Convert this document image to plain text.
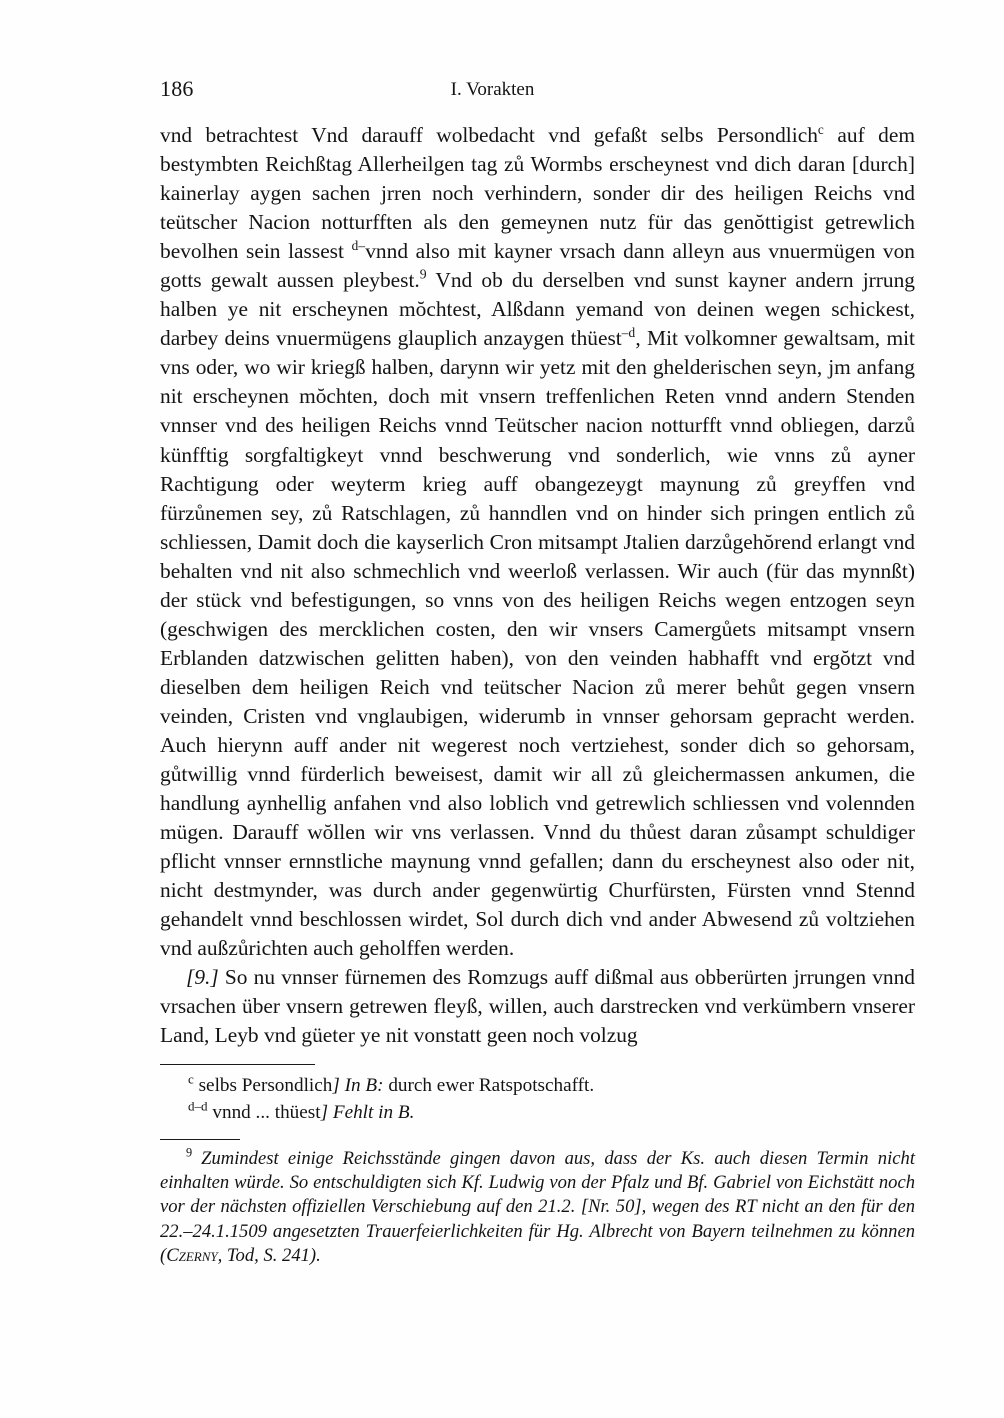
186	I. Vorakten

vnd betrachtest Vnd darauff wolbedacht vnd gefaßt selbs Persondlich$^c$ auf dem bestymbten Reichßtag Allerheilgen tag zů Wormbs erscheynest vnd dich daran [durch] kainerlay aygen sachen jrren noch verhindern, sonder dir des heiligen Reichs vnd teütscher Nacion notturfften als den gemeynen nutz für das genŏttigist getrewlich bevolhen sein lassest $^{d-}$vnnd also mit kayner vrsach dann alleyn aus vnuermügen von gotts gewalt aussen pleybest.$^9$ Vnd ob du derselben vnd sunst kayner andern jrrung halben ye nit erscheynen mŏchtest, Alßdann yemand von deinen wegen schickest, darbey deins vnuermügens glauplich anzaygen thüest$^{-d}$, Mit volkomner gewaltsam, mit vns oder, wo wir kriegß halben, darynn wir yetz mit den ghelderischen seyn, jm anfang nit erscheynen mŏchten, doch mit vnsern treffenlichen Reten vnnd andern Stenden vnnser vnd des heiligen Reichs vnnd Teütscher nacion notturfft vnnd obliegen, darzů künfftig sorgfaltigkeyt vnnd beschwerung vnd sonderlich, wie vnns zů ayner Rachtigung oder weyterm krieg auff obangezeygt maynung zů greyffen vnd fürzůnemen sey, zů Ratschlagen, zů hanndlen vnd on hinder sich pringen entlich zů schliessen, Damit doch die kayserlich Cron mitsampt Jtalien darzůgehŏrend erlangt vnd behalten vnd nit also schmechlich vnd weerloß verlassen. Wir auch (für das mynnßt) der stück vnd befestigungen, so vnns von des heiligen Reichs wegen entzogen seyn (geschwigen des mercklichen costen, den wir vnsers Camergůets mitsampt vnsern Erblanden datzwischen gelitten haben), von den veinden habhafft vnd ergŏtzt vnd dieselben dem heiligen Reich vnd teütscher Nacion zů merer behůt gegen vnsern veinden, Cristen vnd vnglaubigen, widerumb in vnnser gehorsam gepracht werden. Auch hierynn auff ander nit wegerest noch vertziehest, sonder dich so gehorsam, gůtwillig vnnd fürderlich beweisest, damit wir all zů gleichermassen ankumen, die handlung aynhellig anfahen vnd also loblich vnd getrewlich schliessen vnd volennden mügen. Darauff wŏllen wir vns verlassen. Vnnd du thůest daran zůsampt schuldiger pflicht vnnser ernnstliche maynung vnnd gefallen; dann du erscheynest also oder nit, nicht destmynder, was durch ander gegenwürtig Churfürsten, Fürsten vnnd Stennd gehandelt vnnd beschlossen wirdet, Sol durch dich vnd ander Abwesend zů voltziehen vnd außzůrichten auch geholffen werden.

[9.] So nu vnnser fürnemen des Romzugs auff dißmal aus obberürten jrrungen vnnd vrsachen über vnsern getrewen fleyß, willen, auch darstrecken vnd verkümbern vnserer Land, Leyb vnd güeter ye nit vonstatt geen noch volzug

$^c$ selbs Persondlich] In B: durch ewer Ratspotschafft.
$^{d-d}$ vnnd ... thüest] Fehlt in B.
$^9$ Zumindest einige Reichsstände gingen davon aus, dass der Ks. auch diesen Termin nicht einhalten würde. So entschuldigten sich Kf. Ludwig von der Pfalz und Bf. Gabriel von Eichstätt noch vor der nächsten offiziellen Verschiebung auf den 21.2. [Nr. 50], wegen des RT nicht an den für den 22.–24.1.1509 angesetzten Trauerfeierlichkeiten für Hg. Albrecht von Bayern teilnehmen zu können (Czerny, Tod, S. 241).
